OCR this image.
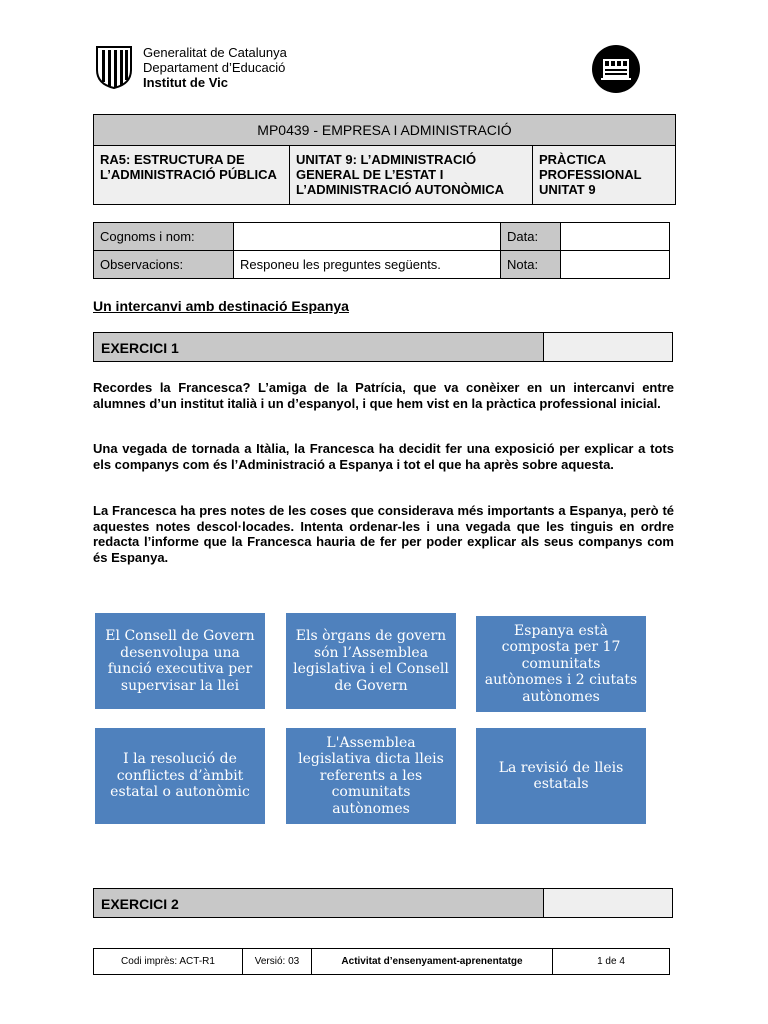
Generalitat de Catalunya
Departament d’Educació
Institut de Vic
MP0439 - EMPRESA I ADMINISTRACIÓ
RA5: ESTRUCTURA DE L’ADMINISTRACIÓ PÚBLICA	UNITAT 9: L’ADMINISTRACIÓ GENERAL DE L’ESTAT I L’ADMINISTRACIÓ AUTONÒMICA	PRÀCTICA PROFESSIONAL UNITAT 9
Cognoms i nom:		Data:	
Observacions:	Responeu les preguntes següents.	Nota:	
Un intercanvi amb destinació Espanya
EXERCICI 1
Recordes la Francesca? L’amiga de la Patrícia, que va conèixer en un intercanvi entre alumnes d’un institut italià i un d’espanyol, i que hem vist en la pràctica professional inicial.
Una vegada de tornada a Itàlia, la Francesca ha decidit fer una exposició per explicar a tots els companys com és l’Administració a Espanya i tot el que ha après sobre aquesta.
La Francesca ha pres notes de les coses que considerava més importants a Espanya, però té aquestes notes descol·locades. Intenta ordenar-les i una vegada que les tinguis en ordre redacta l’informe que la Francesca hauria de fer per poder explicar als seus companys com és Espanya.
El Consell de Govern desenvolupa una funció executiva per supervisar la llei
Els òrgans de govern són l’Assemblea legislativa i el Consell de Govern
Espanya està composta per 17 comunitats autònomes i 2 ciutats autònomes
I la resolució de conflictes d’àmbit estatal o autonòmic
L'Assemblea legislativa dicta lleis referents a les comunitats autònomes
La revisió de lleis estatals
EXERCICI 2
Codi imprès: ACT-R1	Versió: 03	Activitat d’ensenyament-aprenentatge	1 de 4
